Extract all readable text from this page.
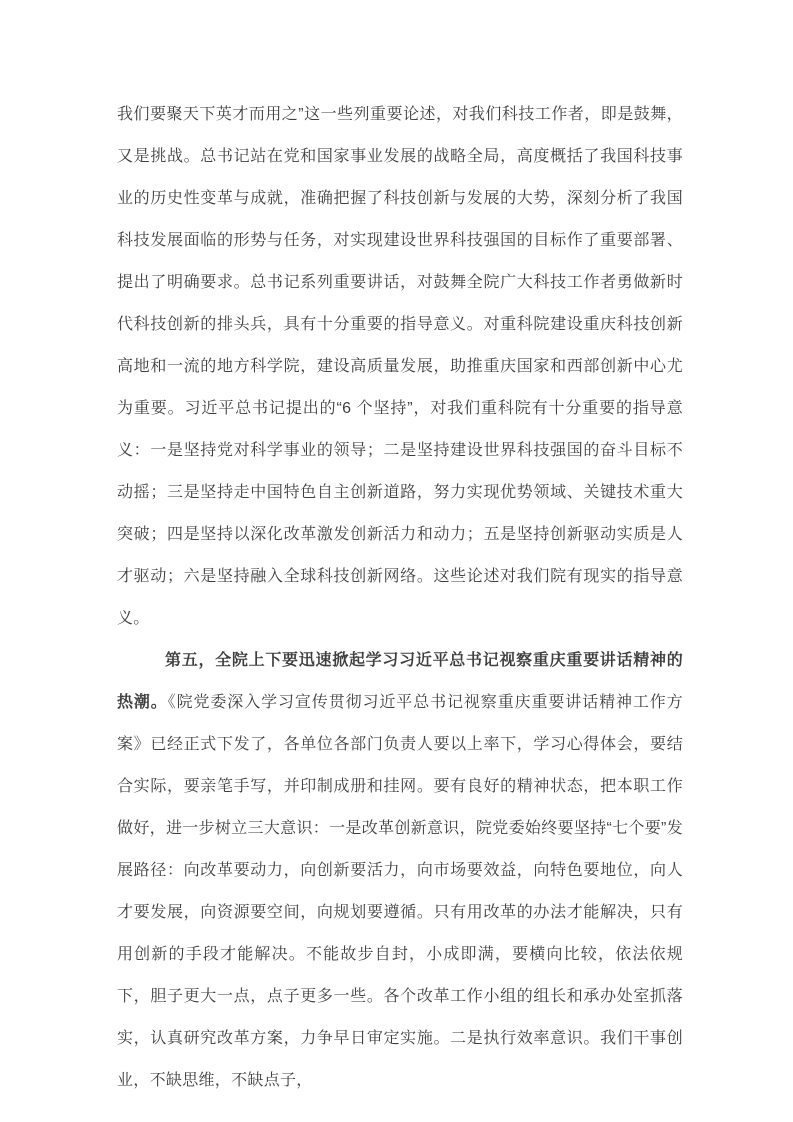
我们要聚天下英才而用之”这一些列重要论述，对我们科技工作者，即是鼓舞，又是挑战。总书记站在党和国家事业发展的战略全局，高度概括了我国科技事业的历史性变革与成就，准确把握了科技创新与发展的大势，深刻分析了我国科技发展面临的形势与任务，对实现建设世界科技强国的目标作了重要部署、提出了明确要求。总书记系列重要讲话，对鼓舞全院广大科技工作者勇做新时代科技创新的排头兵，具有十分重要的指导意义。对重科院建设重庆科技创新高地和一流的地方科学院，建设高质量发展，助推重庆国家和西部创新中心尤为重要。习近平总书记提出的“6 个坚持”，对我们重科院有十分重要的指导意义：一是坚持党对科学事业的领导；二是坚持建设世界科技强国的奋斗目标不动摇；三是坚持走中国特色自主创新道路，努力实现优势领域、关键技术重大突破；四是坚持以深化改革激发创新活力和动力；五是坚持创新驱动实质是人才驱动；六是坚持融入全球科技创新网络。这些论述对我们院有现实的指导意义。

第五，全院上下要迅速掀起学习习近平总书记视察重庆重要讲话精神的热潮。《院党委深入学习宣传贯彻习近平总书记视察重庆重要讲话精神工作方案》已经正式下发了，各单位各部门负责人要以上率下，学习心得体会，要结合实际，要亲笔手写，并印制成册和挂网。要有良好的精神状态，把本职工作做好，进一步树立三大意识：一是改革创新意识，院党委始终要坚持“七个要”发展路径：向改革要动力，向创新要活力，向市场要效益，向特色要地位，向人才要发展，向资源要空间，向规划要遵循。只有用改革的办法才能解决，只有用创新的手段才能解决。不能故步自封，小成即满，要横向比较，依法依规下，胆子更大一点，点子更多一些。各个改革工作小组的组长和承办处室抓落实，认真研究改革方案，力争早日审定实施。二是执行效率意识。我们干事创业，不缺思维，不缺点子，
